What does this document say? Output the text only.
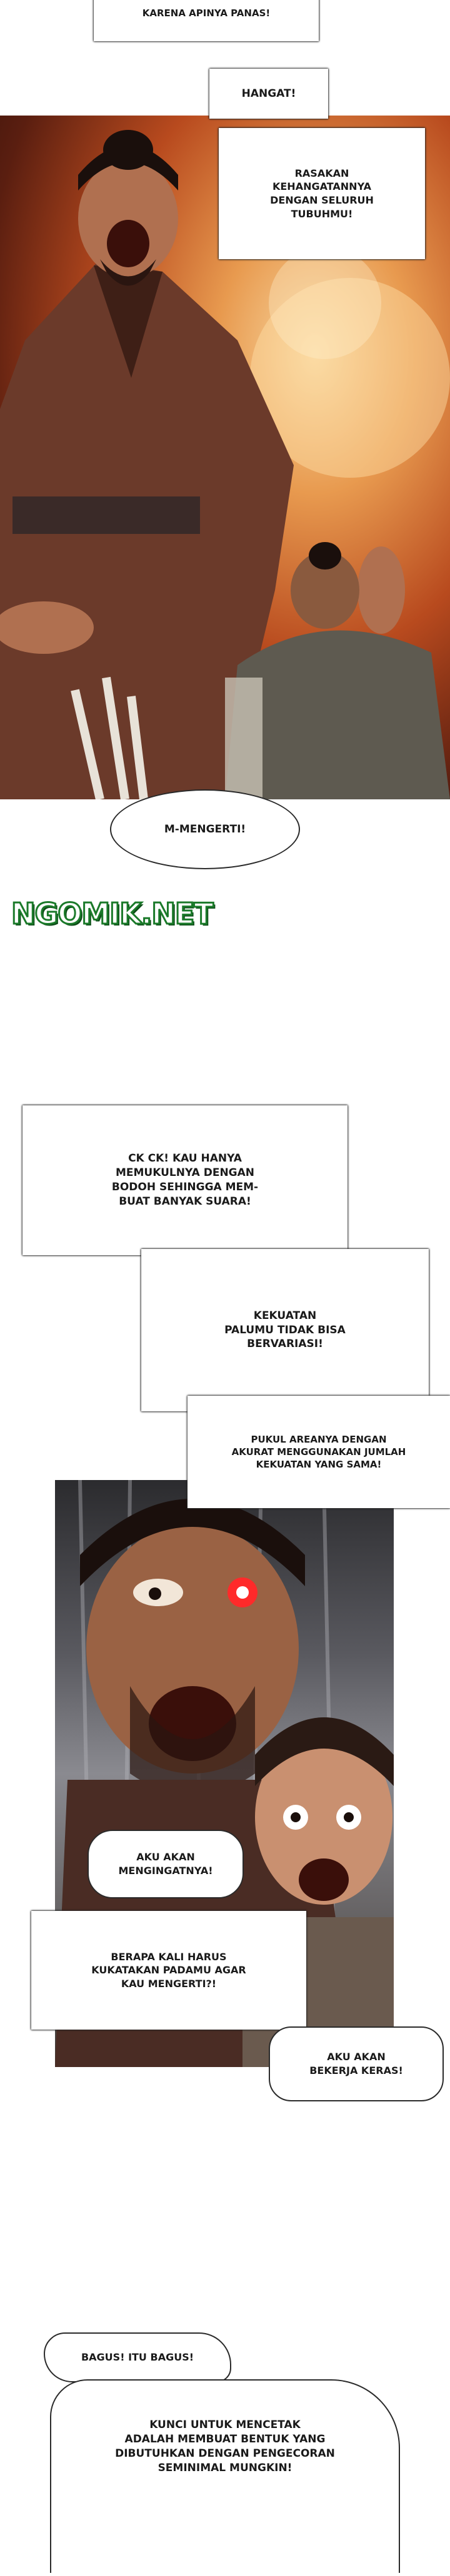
KARENA APINYA PANAS!
HANGAT!
RASAKAN
KEHANGATANNYA
DENGAN SELURUH
TUBUHMU!
M-MENGERTI!
NGOMIK.NET
CK CK! KAU HANYA
MEMUKULNYA DENGAN
BODOH SEHINGGA MEM-
BUAT BANYAK SUARA!
KEKUATAN
PALUMU TIDAK BISA
BERVARIASI!
PUKUL AREANYA DENGAN
AKURAT MENGGUNAKAN JUMLAH
KEKUATAN YANG SAMA!
AKU AKAN
MENGINGATNYA!
BERAPA KALI HARUS
KUKATAKAN PADAMU AGAR
KAU MENGERTI?!
AKU AKAN
BEKERJA KERAS!
BAGUS! ITU BAGUS!
KUNCI UNTUK MENCETAK
ADALAH MEMBUAT BENTUK YANG
DIBUTUHKAN DENGAN PENGECORAN
SEMINIMAL MUNGKIN!
